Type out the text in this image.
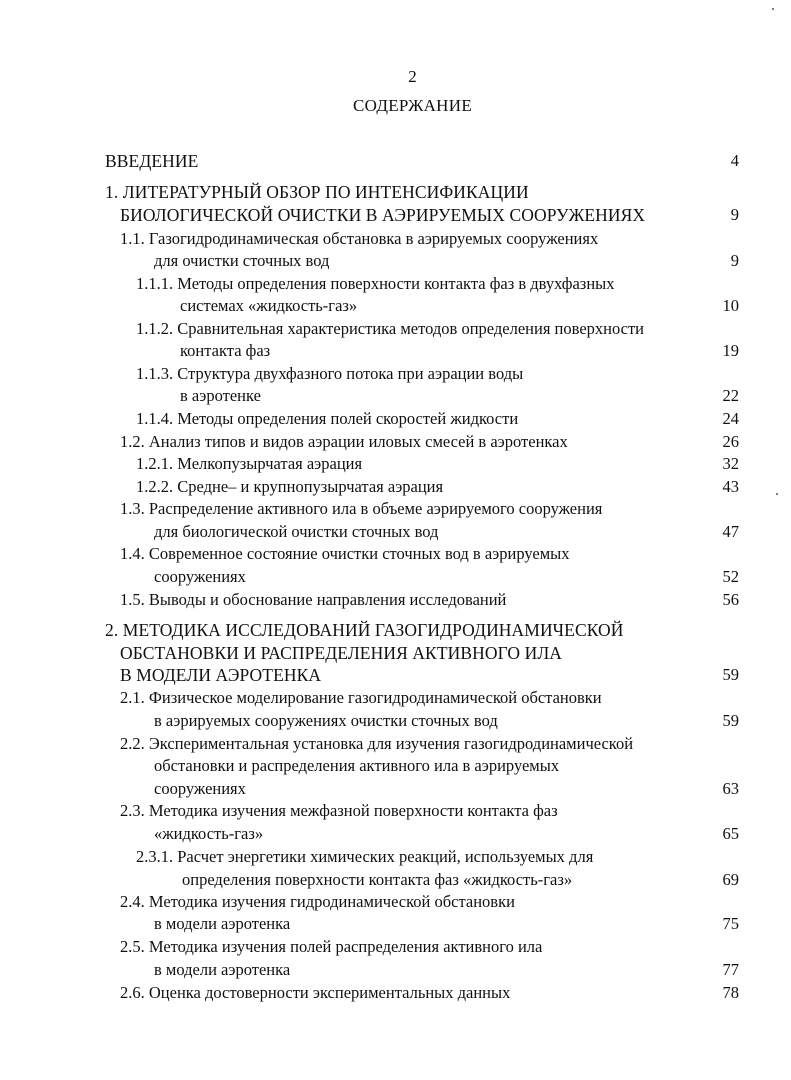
2
СОДЕРЖАНИЕ
ВВЕДЕНИЕ	4
1. ЛИТЕРАТУРНЫЙ ОБЗОР ПО ИНТЕНСИФИКАЦИИ
БИОЛОГИЧЕСКОЙ ОЧИСТКИ В АЭРИРУЕМЫХ СООРУЖЕНИЯХ	9
1.1. Газогидродинамическая обстановка в аэрируемых сооружениях
для очистки сточных вод	9
1.1.1. Методы определения поверхности контакта фаз в двухфазных
системах «жидкость-газ»	10
1.1.2. Сравнительная характеристика методов определения поверхности
контакта фаз	19
1.1.3. Структура двухфазного потока при аэрации воды
в аэротенке	22
1.1.4. Методы определения полей скоростей жидкости	24
1.2. Анализ типов и видов аэрации иловых смесей в аэротенках	26
1.2.1. Мелкопузырчатая аэрация	32
1.2.2. Средне– и крупнопузырчатая аэрация	43
1.3. Распределение активного ила в объеме аэрируемого сооружения
для биологической очистки сточных вод	47
1.4. Современное состояние очистки сточных вод в аэрируемых
сооружениях	52
1.5. Выводы и обоснование направления исследований	56
2. МЕТОДИКА ИССЛЕДОВАНИЙ ГАЗОГИДРОДИНАМИЧЕСКОЙ
ОБСТАНОВКИ И РАСПРЕДЕЛЕНИЯ АКТИВНОГО ИЛА
В МОДЕЛИ АЭРОТЕНКА	59
2.1. Физическое моделирование газогидродинамической обстановки
в аэрируемых сооружениях очистки сточных вод	59
2.2. Экспериментальная установка для изучения газогидродинамической
обстановки и распределения активного ила в аэрируемых
сооружениях	63
2.3. Методика изучения межфазной поверхности контакта фаз
«жидкость-газ»	65
2.3.1. Расчет энергетики химических реакций, используемых для
определения поверхности контакта фаз «жидкость-газ»	69
2.4. Методика изучения гидродинамической обстановки
в модели аэротенка	75
2.5. Методика изучения полей распределения активного ила
в модели аэротенка	77
2.6. Оценка достоверности экспериментальных данных	78
